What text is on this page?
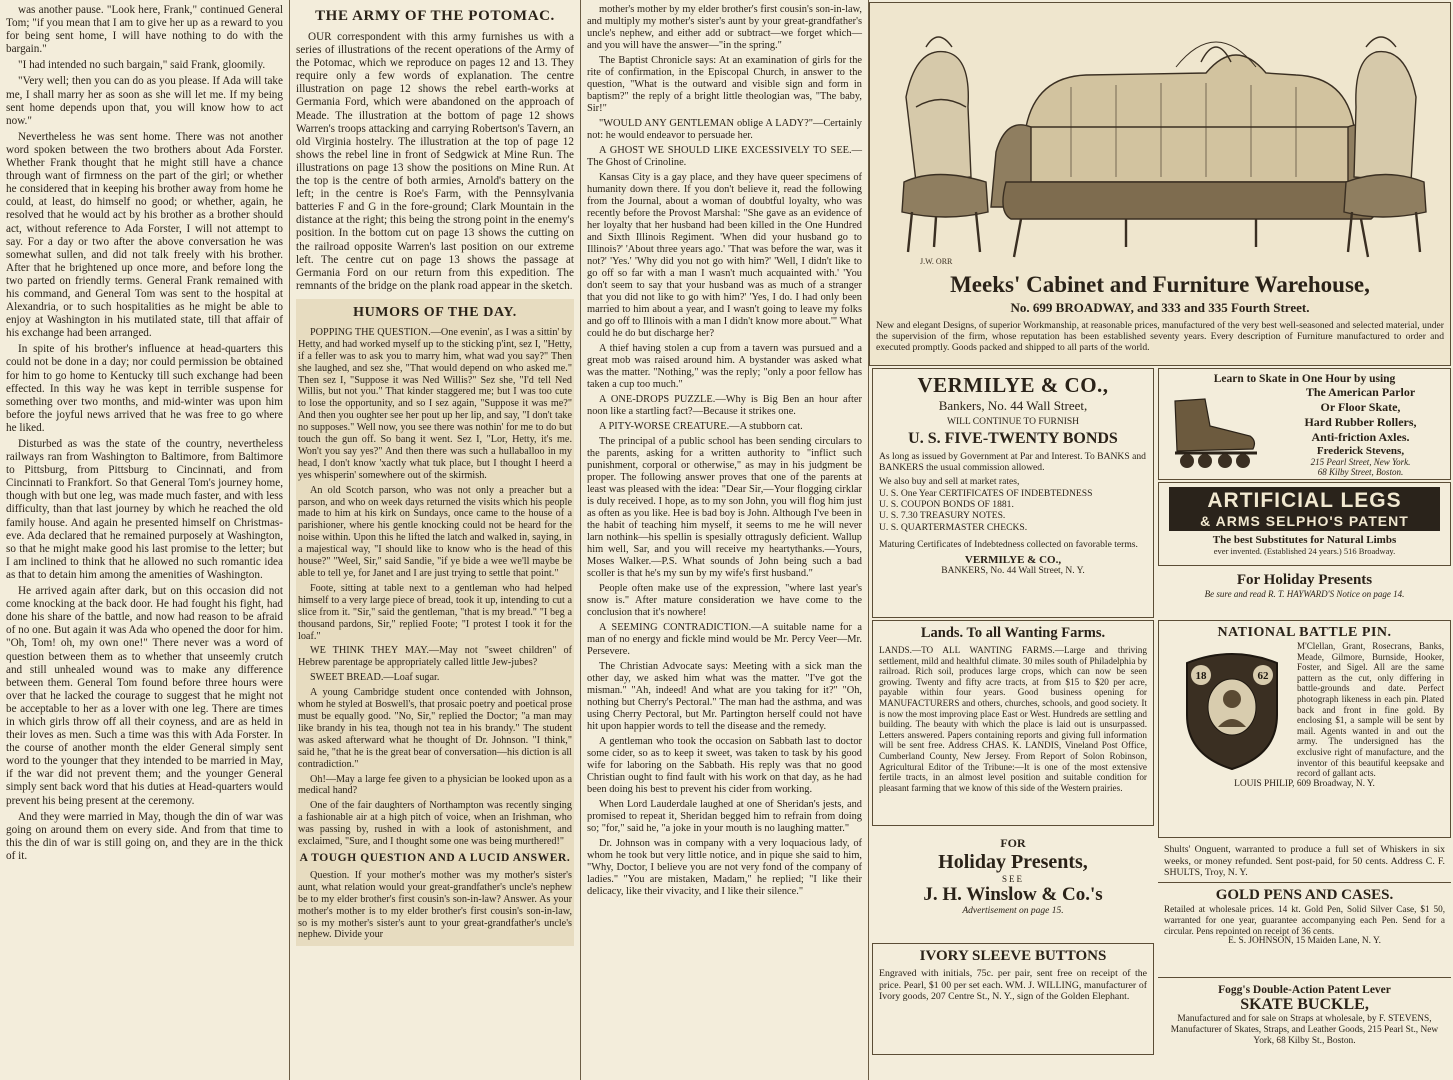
was another pause. "Look here, Frank," continued General Tom; "if you mean that I am to give her up as a reward to you for being sent home, I will have nothing to do with the bargain."

"I had intended no such bargain," said Frank, gloomily.

"Very well; then you can do as you please. If Ada will take me, I shall marry her as soon as she will let me. If my being sent home depends upon that, you will know how to act now."

Nevertheless he was sent home. There was not another word spoken between the two brothers about Ada Forster. Whether Frank thought that he might still have a chance through want of firmness on the part of the girl; or whether he considered that in keeping his brother away from home he could, at least, do himself no good; or whether, again, he resolved that he would act by his brother as a brother should act, without reference to Ada Forster, I will not attempt to say. For a day or two after the above conversation he was somewhat sullen, and did not talk freely with his brother. After that he brightened up once more, and before long the two parted on friendly terms. General Frank remained with his command, and General Tom was sent to the hospital at Alexandria, or to such hospitalities as he might be able to enjoy at Washington in his mutilated state, till that affair of his exchange had been arranged.

In spite of his brother's influence at head-quarters this could not be done in a day; nor could permission be obtained for him to go home to Kentucky till such exchange had been effected. In this way he was kept in terrible suspense for something over two months, and mid-winter was upon him before the joyful news arrived that he was free to go where he liked.

Disturbed as was the state of the country, nevertheless railways ran from Washington to Baltimore, from Baltimore to Pittsburg, from Pittsburg to Cincinnati, and from Cincinnati to Frankfort. So that General Tom's journey home, though with but one leg, was made much faster, and with less difficulty, than that last journey by which he reached the old family house. And again he presented himself on Christmas-eve. Ada declared that he remained purposely at Washington, so that he might make good his last promise to the letter; but I am inclined to think that he allowed no such romantic idea as that to detain him among the amenities of Washington.

He arrived again after dark, but on this occasion did not come knocking at the back door. He had fought his fight, had done his share of the battle, and now had reason to be afraid of no one. But again it was Ada who opened the door for him. "Oh, Tom! oh, my own one!" There never was a word of question between them as to whether that unseemly crutch and still unhealed wound was to make any difference between them. General Tom found before three hours were over that he lacked the courage to suggest that he might not be acceptable to her as a lover with one leg. There are times in which girls throw off all their coyness, and are as held in their loves as men. Such a time was this with Ada Forster. In the course of another month the elder General simply sent word to the younger that they intended to be married in May, if the war did not prevent them; and the younger General simply sent back word that his duties at Head-quarters would prevent his being present at the ceremony.

And they were married in May, though the din of war was going on around them on every side. And from that time to this the din of war is still going on, and they are in the thick of it.

THE ARMY OF THE POTOMAC.

OUR correspondent with this army furnishes us with a series of illustrations of the recent operations of the Army of the Potomac, which we reproduce on pages 12 and 13. They require only a few words of explanation. The centre illustration on page 12 shows the rebel earth-works at Germania Ford, which were abandoned on the approach of Meade. The illustration at the bottom of page 12 shows Warren's troops attacking and carrying Robertson's Tavern, an old Virginia hostelry. The illustration at the top of page 12 shows the rebel line in front of Sedgwick at Mine Run. The illustrations on page 13 show the positions on Mine Run. At the top is the centre of both armies, Arnold's battery on the left; in the centre is Roe's Farm, with the Pennsylvania batteries F and G in the fore-ground; Clark Mountain in the distance at the right; this being the strong point in the enemy's position. In the bottom cut on page 13 shows the cutting on the railroad opposite Warren's last position on our extreme left. The centre cut on page 13 shows the passage at Germania Ford on our return from this expedition. The remnants of the bridge on the plank road appear in the sketch.

HUMORS OF THE DAY.

POPPING THE QUESTION.—One evenin', as I was a sittin' by Hetty, and had worked myself up to the sticking p'int, sez I, "Hetty, if a feller was to ask you to marry him, what wad you say?" Then she laughed, and sez she, "That would depend on who asked me." Then sez I, "Suppose it was Ned Willis?" Sez she, "I'd tell Ned Willis, but not you." That kinder staggered me; but I was too cute to lose the opportunity, and so I sez again, "Suppose it was me?" And then you oughter see her pout up her lip, and say, "I don't take no supposes." Well now, you see there was nothin' for me to do but touch the gun off. So bang it went. Sez I, "Lor, Hetty, it's me. Won't you say yes?" And then there was such a hullaballoo in my head, I don't know 'xactly what tuk place, but I thought I heerd a yes whisperin' somewhere out of the skirmish.

An old Scotch parson, who was not only a preacher but a parson, and who on week days returned the visits which his people made to him at his kirk on Sundays, once came to the house of a parishioner, where his gentle knocking could not be heard for the noise within. Upon this he lifted the latch and walked in, saying, in a majestical way, "I should like to know who is the head of this house?" "Weel, Sir," said Sandie, "if ye bide a wee we'll maybe be able to tell ye, for Janet and I are just trying to settle that point."

Foote, sitting at table next to a gentleman who had helped himself to a very large piece of bread, took it up, intending to cut a slice from it. "Sir," said the gentleman, "that is my bread." "I beg a thousand pardons, Sir," replied Foote; "I protest I took it for the loaf."

WE THINK THEY MAY.—May not "sweet children" of Hebrew parentage be appropriately called little Jew-jubes?

SWEET BREAD.—Loaf sugar.

A young Cambridge student once contended with Johnson, whom he styled at Boswell's, that prosaic poetry and poetical prose must be equally good. "No, Sir," replied the Doctor; "a man may like brandy in his tea, though not tea in his brandy." The student was asked afterward what he thought of Dr. Johnson. "I think," said he, "that he is the great bear of conversation—his diction is all contradiction."

Oh!—May a large fee given to a physician be looked upon as a medical hand?

One of the fair daughters of Northampton was recently singing a fashionable air at a high pitch of voice, when an Irishman, who was passing by, rushed in with a look of astonishment, and exclaimed, "Sure, and I thought some one was being murthered!"

A TOUGH QUESTION AND A LUCID ANSWER.

Question. If your mother's mother was my mother's sister's aunt, what relation would your great-grandfather's uncle's nephew be to my elder brother's first cousin's son-in-law? Answer. As your mother's mother is to my elder brother's first cousin's son-in-law, so is my mother's sister's aunt to your great-grandfather's uncle's nephew. Divide your

mother's mother by my elder brother's first cousin's son-in-law, and multiply my mother's sister's aunt by your great-grandfather's uncle's nephew, and either add or subtract—we forget which—and you will have the answer—"in the spring."

The Baptist Chronicle says: At an examination of girls for the rite of confirmation, in the Episcopal Church, in answer to the question, "What is the outward and visible sign and form in baptism?" the reply of a bright little theologian was, "The baby, Sir!"

"WOULD ANY GENTLEMAN oblige A LADY?"—Certainly not: he would endeavor to persuade her.

A GHOST WE SHOULD LIKE EXCESSIVELY TO SEE.—The Ghost of Crinoline.

Kansas City is a gay place, and they have queer specimens of humanity down there. If you don't believe it, read the following from the Journal, about a woman of doubtful loyalty, who was recently before the Provost Marshal: "She gave as an evidence of her loyalty that her husband had been killed in the One Hundred and Sixth Illinois Regiment. 'When did your husband go to Illinois?' 'About three years ago.' 'That was before the war, was it not?' 'Yes.' 'Why did you not go with him?' 'Well, I didn't like to go off so far with a man I wasn't much acquainted with.' 'You don't seem to say that your husband was as much of a stranger that you did not like to go with him?' 'Yes, I do. I had only been married to him about a year, and I wasn't going to leave my folks and go off to Illinois with a man I didn't know more about.'" What could he do but discharge her?

A thief having stolen a cup from a tavern was pursued and a great mob was raised around him. A bystander was asked what was the matter. "Nothing," was the reply; "only a poor fellow has taken a cup too much."

A ONE-DROPS PUZZLE.—Why is Big Ben an hour after noon like a startling fact?—Because it strikes one.

A PITY-WORSE CREATURE.—A stubborn cat.

The principal of a public school has been sending circulars to the parents, asking for a written authority to "inflict such punishment, corporal or otherwise," as may in his judgment be proper. The following answer proves that one of the parents at least was pleased with the idea: "Dear Sir,—Your flogging cirklar is duly received. I hope, as to my son John, you will flog him just as often as you like. Hee is bad boy is John. Although I've been in the habit of teaching him myself, it seems to me he will never larn nothink—his spellin is spesially ottragusly deficient. Wallup him well, Sar, and you will receive my heartythanks.—Yours, Moses Walker.—P.S. What sounds of John being such a bad scoller is that he's my sun by my wife's first husband."

People often make use of the expression, "where last year's snow is." After mature consideration we have come to the conclusion that it's nowhere!

A SEEMING CONTRADICTION.—A suitable name for a man of no energy and fickle mind would be Mr. Percy Veer—Mr. Persevere.

The Christian Advocate says: Meeting with a sick man the other day, we asked him what was the matter. "I've got the misman." "Ah, indeed! And what are you taking for it?" "Oh, nothing but Cherry's Pectoral." The man had the asthma, and was using Cherry Pectoral, but Mr. Partington herself could not have hit upon happier words to tell the disease and the remedy.

A gentleman who took the occasion on Sabbath last to doctor some cider, so as to keep it sweet, was taken to task by his good wife for laboring on the Sabbath. His reply was that no good Christian ought to find fault with his work on that day, as he had been doing his best to prevent his cider from working.

When Lord Lauderdale laughed at one of Sheridan's jests, and promised to repeat it, Sheridan begged him to refrain from doing so; "for," said he, "a joke in your mouth is no laughing matter."

Dr. Johnson was in company with a very loquacious lady, of whom he took but very little notice, and in pique she said to him, "Why, Doctor, I believe you are not very fond of the company of ladies." "You are mistaken, Madam," he replied; "I like their delicacy, like their vivacity, and I like their silence."

J.W. ORR
Meeks' Cabinet and Furniture Warehouse,
No. 699 BROADWAY, and 333 and 335 Fourth Street.
New and elegant Designs, of superior Workmanship, at reasonable prices, manufactured of the very best well-seasoned and selected material, under the supervision of the firm, whose reputation has been established seventy years. Every description of Furniture manufactured to order and executed promptly. Goods packed and shipped to all parts of the world.
VERMILYE & CO.,
Bankers, No. 44 Wall Street,
WILL CONTINUE TO FURNISH
U. S. FIVE-TWENTY BONDS
As long as issued by Government at Par and Interest. To BANKS and BANKERS the usual commission allowed.
We also buy and sell at market rates,
U. S. One Year CERTIFICATES OF INDEBTEDNESS
U. S. COUPON BONDS OF 1881.
U. S. 7.30 TREASURY NOTES.
U. S. QUARTERMASTER CHECKS.
Maturing Certificates of Indebtedness collected on favorable terms.
VERMILYE & CO.,
BANKERS, No. 44 Wall Street, N. Y.
Lands. To all Wanting Farms.
LANDS.—TO ALL WANTING FARMS.—Large and thriving settlement, mild and healthful climate. 30 miles south of Philadelphia by railroad. Rich soil, produces large crops, which can now be seen growing. Twenty and fifty acre tracts, at from $15 to $20 per acre, payable within four years. Good business opening for MANUFACTURERS and others, churches, schools, and good society. It is now the most improving place East or West. Hundreds are settling and building. The beauty with which the place is laid out is unsurpassed. Letters answered. Papers containing reports and giving full information will be sent free. Address CHAS. K. LANDIS, Vineland Post Office, Cumberland County, New Jersey. From Report of Solon Robinson, Agricultural Editor of the Tribune:—It is one of the most extensive fertile tracts, in an almost level position and suitable condition for pleasant farming that we know of this side of the Western prairies.
FOR
Holiday Presents,
SEE
J. H. Winslow & Co.'s
Advertisement on page 15.
IVORY SLEEVE BUTTONS
Engraved with initials, 75c. per pair, sent free on receipt of the price. Pearl, $1 00 per set each. WM. J. WILLING, manufacturer of Ivory goods, 207 Centre St., N. Y., sign of the Golden Elephant.
Learn to Skate in One Hour by using
The American Parlor
Or Floor Skate,
Hard Rubber Rollers,
Anti-friction Axles.
Frederick Stevens,
215 Pearl Street, New York.
68 Kilby Street, Boston.
ARTIFICIAL LEGS
& ARMS SELPHO'S PATENT
The best Substitutes for Natural Limbs
ever invented. (Established 24 years.) 516 Broadway.
For Holiday Presents
Be sure and read R. T. HAYWARD'S Notice on page 14.
NATIONAL BATTLE PIN.
18	62
M'Clellan, Grant, Rosecrans, Banks, Meade, Gilmore, Burnside, Hooker, Foster, and Sigel. All are the same pattern as the cut, only differing in battle-grounds and date. Perfect photograph likeness in each pin. Plated back and front in fine gold. By enclosing $1, a sample will be sent by mail. Agents wanted in and out the army. The undersigned has the exclusive right of manufacture, and the inventor of this beautiful keepsake and record of gallant acts.
LOUIS PHILIP, 609 Broadway, N. Y.
Shults' Onguent, warranted to produce a full set of Whiskers in six weeks, or money refunded. Sent post-paid, for 50 cents. Address C. F. SHULTS, Troy, N. Y.
GOLD PENS AND CASES.
Retailed at wholesale prices. 14 kt. Gold Pen, Solid Silver Case, $1 50, warranted for one year, guarantee accompanying each Pen. Send for a circular. Pens repointed on receipt of 36 cents.
E. S. JOHNSON, 15 Maiden Lane, N. Y.
Fogg's Double-Action Patent Lever
SKATE BUCKLE,
Manufactured and for sale on Straps at wholesale, by F. STEVENS, Manufacturer of Skates, Straps, and Leather Goods, 215 Pearl St., New York, 68 Kilby St., Boston.
